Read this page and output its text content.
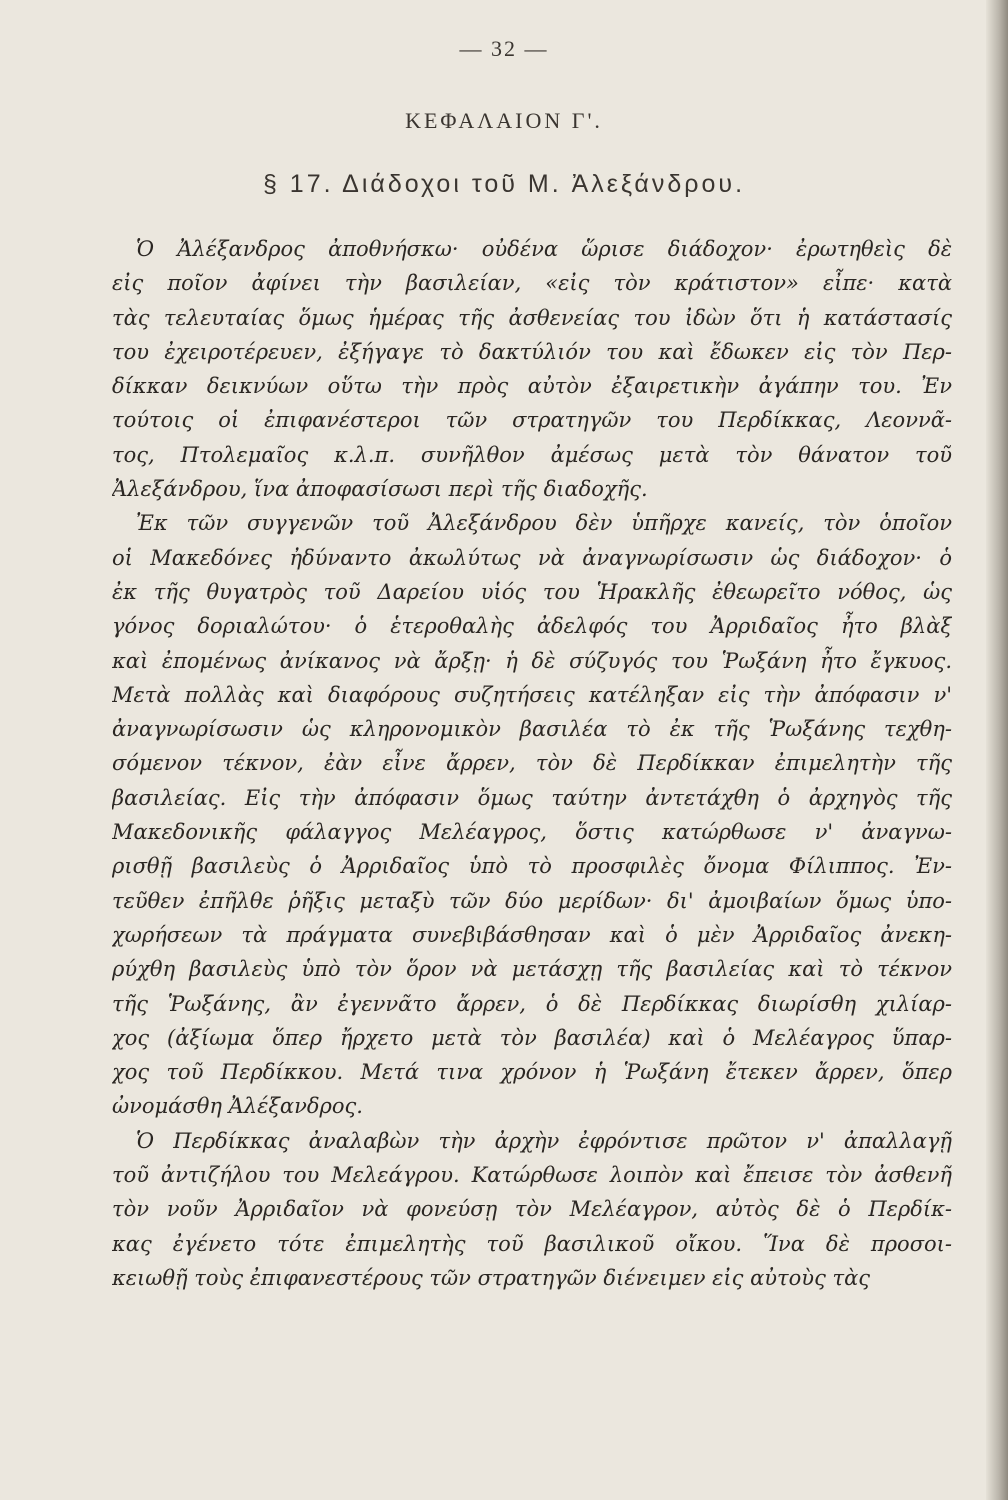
— 32 —
ΚΕΦΑΛΑΙΟΝ Γ'.
§ 17. Διάδοχοι τοῦ Μ. Ἀλεξάνδρου.
Ὁ Ἀλέξανδρος ἀποθνήσκω· οὐδένα ὥρισε διάδοχον· ἐρωτηθεὶς δὲ
εἰς ποῖον ἀφίνει τὴν βασιλείαν, «εἰς τὸν κράτιστον» εἶπε· κατὰ
τὰς τελευταίας ὅμως ἡμέρας τῆς ἀσθενείας του ἰδὼν ὅτι ἡ κατάστασίς
του ἐχειροτέρευεν, ἐξήγαγε τὸ δακτύλιόν του καὶ ἔδωκεν εἰς τὸν Περ-
δίκκαν δεικνύων οὕτω τὴν πρὸς αὐτὸν ἐξαιρετικὴν ἀγάπην του. Ἐν
τούτοις οἱ ἐπιφανέστεροι τῶν στρατηγῶν του Περδίκκας, Λεοννᾶ-
τος, Πτολεμαῖος κ.λ.π. συνῆλθον ἀμέσως μετὰ τὸν θάνατον τοῦ
Ἀλεξάνδρου, ἵνα ἀποφασίσωσι περὶ τῆς διαδοχῆς.
Ἐκ τῶν συγγενῶν τοῦ Ἀλεξάνδρου δὲν ὑπῆρχε κανείς, τὸν ὁποῖον
οἱ Μακεδόνες ἠδύναντο ἀκωλύτως νὰ ἀναγνωρίσωσιν ὡς διάδοχον· ὁ
ἐκ τῆς θυγατρὸς τοῦ Δαρείου υἱός του Ἡρακλῆς ἐθεωρεῖτο νόθος, ὡς
γόνος δοριαλώτου· ὁ ἑτεροθαλὴς ἀδελφός του Ἀρριδαῖος ἦτο βλὰξ
καὶ ἐπομένως ἀνίκανος νὰ ἄρξῃ· ἡ δὲ σύζυγός του Ῥωξάνη ἦτο ἔγκυος.
Μετὰ πολλὰς καὶ διαφόρους συζητήσεις κατέληξαν εἰς τὴν ἀπόφασιν ν'
ἀναγνωρίσωσιν ὡς κληρονομικὸν βασιλέα τὸ ἐκ τῆς Ῥωξάνης τεχθη-
σόμενον τέκνον, ἐὰν εἶνε ἄρρεν, τὸν δὲ Περδίκκαν ἐπιμελητὴν τῆς
βασιλείας. Εἰς τὴν ἀπόφασιν ὅμως ταύτην ἀντετάχθη ὁ ἀρχηγὸς τῆς
Μακεδονικῆς φάλαγγος Μελέαγρος, ὅστις κατώρθωσε ν' ἀναγνω-
ρισθῇ βασιλεὺς ὁ Ἀρριδαῖος ὑπὸ τὸ προσφιλὲς ὄνομα Φίλιππος. Ἐν-
τεῦθεν ἐπῆλθε ῥῆξις μεταξὺ τῶν δύο μερίδων· δι' ἀμοιβαίων ὅμως ὑπο-
χωρήσεων τὰ πράγματα συνεβιβάσθησαν καὶ ὁ μὲν Ἀρριδαῖος ἀνεκη-
ρύχθη βασιλεὺς ὑπὸ τὸν ὅρον νὰ μετάσχῃ τῆς βασιλείας καὶ τὸ τέκνον
τῆς Ῥωξάνης, ἂν ἐγεννᾶτο ἄρρεν, ὁ δὲ Περδίκκας διωρίσθη χιλίαρ-
χος (ἀξίωμα ὅπερ ἤρχετο μετὰ τὸν βασιλέα) καὶ ὁ Μελέαγρος ὕπαρ-
χος τοῦ Περδίκκου. Μετά τινα χρόνον ἡ Ῥωξάνη ἔτεκεν ἄρρεν, ὅπερ
ὠνομάσθη Ἀλέξανδρος.
Ὁ Περδίκκας ἀναλαβὼν τὴν ἀρχὴν ἐφρόντισε πρῶτον ν' ἀπαλλαγῇ
τοῦ ἀντιζήλου του Μελεάγρου. Κατώρθωσε λοιπὸν καὶ ἔπεισε τὸν ἀσθενῆ
τὸν νοῦν Ἀρριδαῖον νὰ φονεύσῃ τὸν Μελέαγρον, αὐτὸς δὲ ὁ Περδίκ-
κας ἐγένετο τότε ἐπιμελητὴς τοῦ βασιλικοῦ οἴκου. Ἵνα δὲ προσοι-
κειωθῇ τοὺς ἐπιφανεστέρους τῶν στρατηγῶν διένειμεν εἰς αὐτοὺς τὰς
